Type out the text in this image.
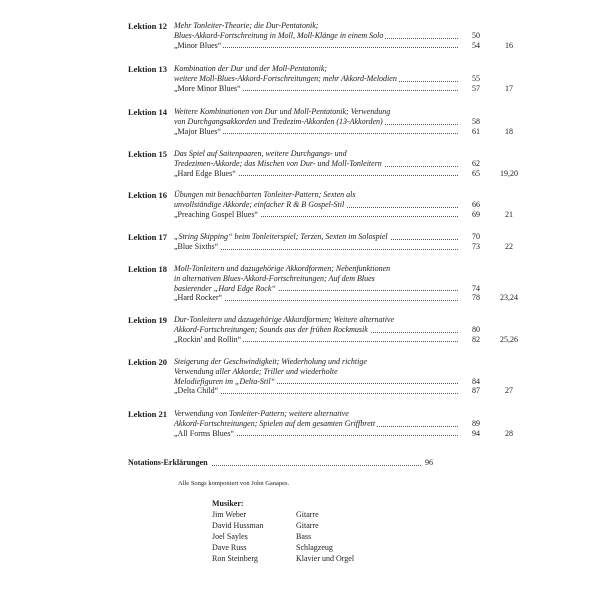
Lektion 12 Mehr Tonleiter-Theorie; die Dur-Pentatonik;
Blues-Akkord-Fortschreitung in Moll, Moll-Klänge in einem Solo	50
„Minor Blues“	54	16
Lektion 13 Kombination der Dur und der Moll-Pentatonik;
weitere Moll-Blues-Akkord-Fortschreitungen; mehr Akkord-Melodien	55
„More Minor Blues“	57	17
Lektion 14 Weitere Kombinationen von Dur und Moll-Pentatonik; Verwendung
von Durchgangsakkorden und Tredezim-Akkorden (13-Akkorden)	58
„Major Blues“	61	18
Lektion 15 Das Spiel auf Saitenpaaren, weitere Durchgangs- und
Tredezimen-Akkorde; das Mischen von Dur- und Moll-Tonleitern	62
„Hard Edge Blues“	65	19,20
Lektion 16 Übungen mit benachbarten Tonleiter-Pattern; Sexten als
unvollständige Akkorde; einfacher R & B Gospel-Stil	66
„Preaching Gospel Blues“	69	21
Lektion 17 „String Skipping“ beim Tonleiterspiel; Terzen, Sexten im Solospiel	70
„Blue Sixths“	73	22
Lektion 18 Moll-Tonleitern und dazugehörige Akkordformen; Nebenfunktionen
in alternativen Blues-Akkord-Fortschreitungen; Auf dem Blues
basierender „Hard Edge Rock“	74
„Hard Rocker“	78	23,24
Lektion 19 Dur-Tonleitern und dazugehörige Akkordformen; Weitere alternative
Akkord-Fortschreitungen; Sounds aus der frühen Rockmusik	80
„Rockin' and Rollin“	82	25,26
Lektion 20 Steigerung der Geschwindigkeit; Wiederholung und richtige
Verwendung aller Akkorde; Triller und wiederholte
Melodiefiguren im „Delta-Stil“	84
„Delta Child“	87	27
Lektion 21 Verwendung von Tonleiter-Pattern; weitere alternative
Akkord-Fortschreitungen; Spielen auf dem gesamten Griffbrett	89
„All Forms Blues“	94	28
Notations-Erklärungen	96
Alle Songs komponiert von John Ganapes.
Musiker:
Jim Weber	Gitarre
David Hussman	Gitarre
Joel Sayles	Bass
Dave Russ	Schlagzeug
Ron Steinberg	Klavier und Orgel
